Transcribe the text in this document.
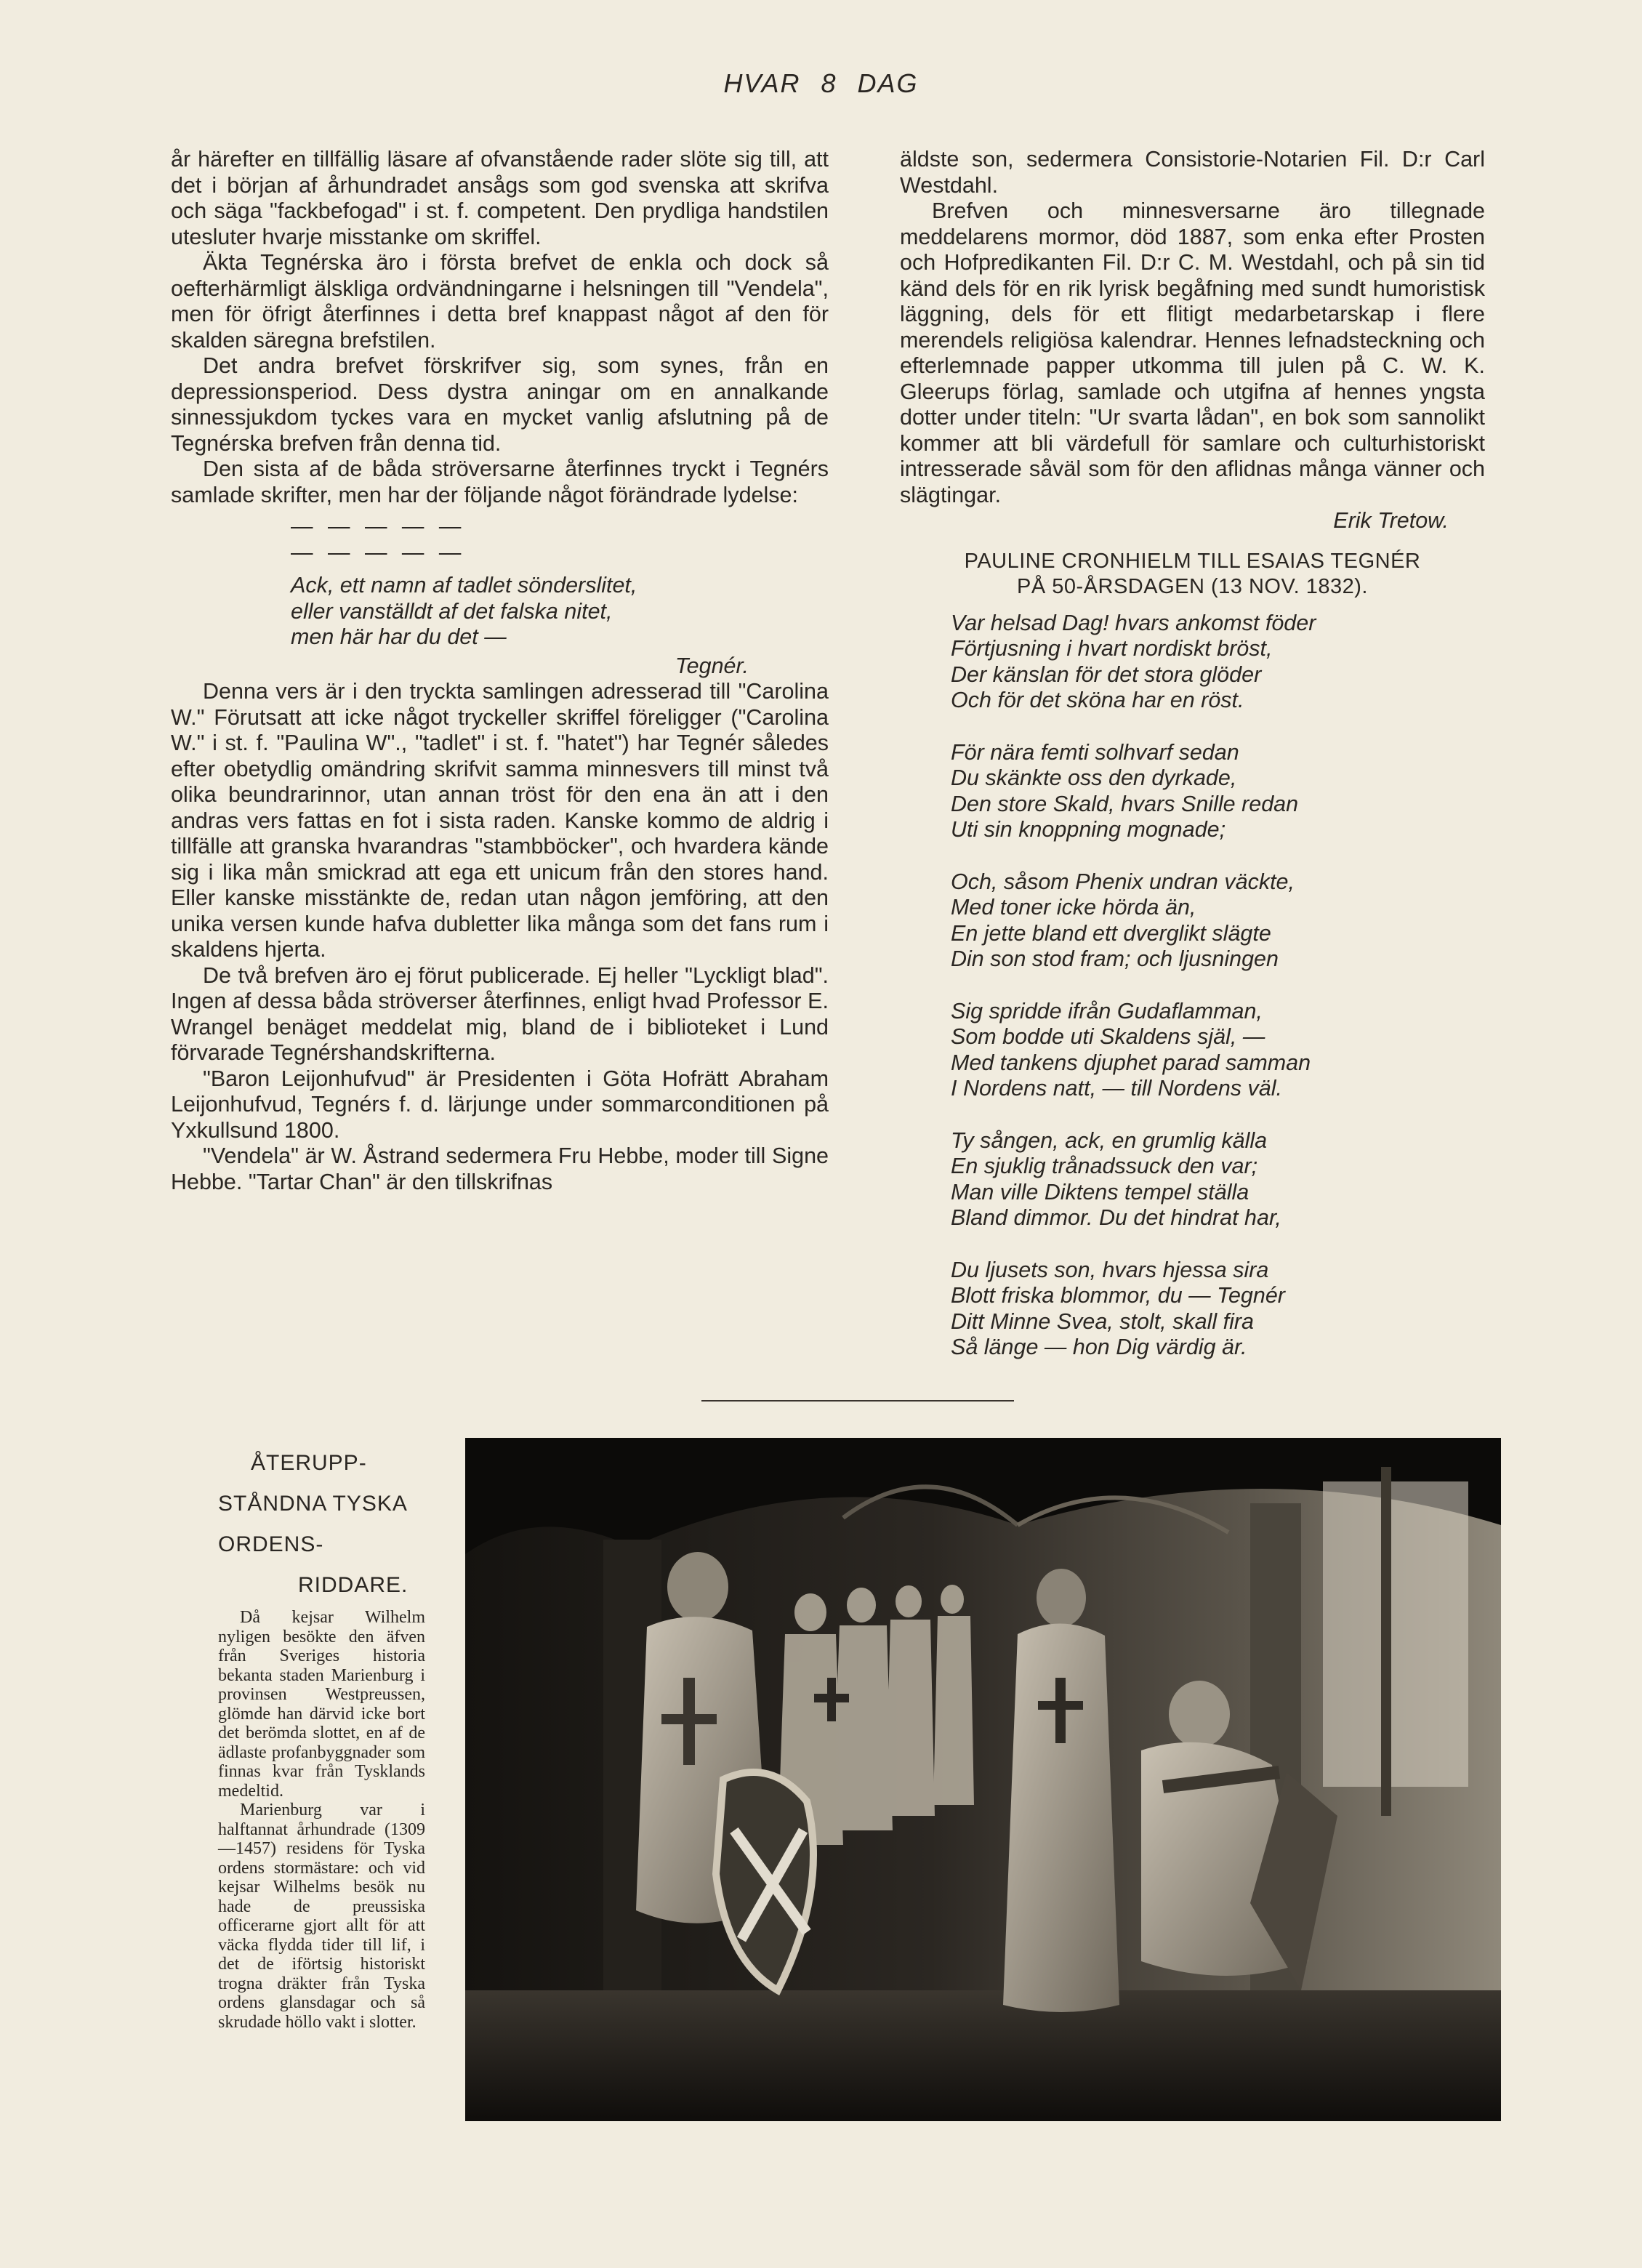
HVAR 8 DAG

år härefter en tillfällig läsare af ofvanstående rader slöte sig till, att det i början af århundradet ansågs som god svenska att skrifva och säga "fackbefogad" i st. f. competent. Den prydliga handstilen utesluter hvarje misstanke om skriffel.

Äkta Tegnérska äro i första brefvet de enkla och dock så oefterhärmligt älskliga ordvändningarne i helsningen till "Vendela", men för öfrigt återfinnes i detta bref knappast något af den för skalden säregna brefstilen.

Det andra brefvet förskrifver sig, som synes, från en depressionsperiod. Dess dystra aningar om en annalkande sinnessjukdom tyckes vara en mycket vanlig afslutning på de Tegnérska brefven från denna tid.

Den sista af de båda ströversarne återfinnes tryckt i Tegnérs samlade skrifter, men har der följande något förändrade lydelse:

— — — — —

— — — — —

Ack, ett namn af tadlet sönderslitet,
eller vanställdt af det falska nitet,
men här har du det —

Tegnér.

Denna vers är i den tryckta samlingen adresserad till "Carolina W." Förutsatt att icke något tryckeller skriffel föreligger ("Carolina W." i st. f. "Paulina W"., "tadlet" i st. f. "hatet") har Tegnér således efter obetydlig omändring skrifvit samma minnesvers till minst två olika beundrarinnor, utan annan tröst för den ena än att i den andras vers fattas en fot i sista raden. Kanske kommo de aldrig i tillfälle att granska hvarandras "stambböcker", och hvardera kände sig i lika mån smickrad att ega ett unicum från den stores hand. Eller kanske misstänkte de, redan utan någon jemföring, att den unika versen kunde hafva dubletter lika många som det fans rum i skaldens hjerta.

De två brefven äro ej förut publicerade. Ej heller "Lyckligt blad". Ingen af dessa båda ströverser återfinnes, enligt hvad Professor E. Wrangel benäget meddelat mig, bland de i biblioteket i Lund förvarade Tegnérshandskrifterna.

"Baron Leijonhufvud" är Presidenten i Göta Hofrätt Abraham Leijonhufvud, Tegnérs f. d. lärjunge under sommarconditionen på Yxkullsund 1800.

"Vendela" är W. Åstrand sedermera Fru Hebbe, moder till Signe Hebbe. "Tartar Chan" är den tillskrifnas

äldste son, sedermera Consistorie-Notarien Fil. D:r Carl Westdahl.

Brefven och minnesversarne äro tillegnade meddelarens mormor, död 1887, som enka efter Prosten och Hofpredikanten Fil. D:r C. M. Westdahl, och på sin tid känd dels för en rik lyrisk begåfning med sundt humoristisk läggning, dels för ett flitigt medarbetarskap i flere merendels religiösa kalendrar. Hennes lefnadsteckning och efterlemnade papper utkomma till julen på C. W. K. Gleerups förlag, samlade och utgifna af hennes yngsta dotter under titeln: "Ur svarta lådan", en bok som sannolikt kommer att bli värdefull för samlare och culturhistoriskt intresserade såväl som för den aflidnas många vänner och slägtingar.

Erik Tretow.

PAULINE CRONHIELM TILL ESAIAS TEGNÉR

PÅ 50-ÅRSDAGEN (13 NOV. 1832).

Var helsad Dag! hvars ankomst föder
Förtjusning i hvart nordiskt bröst,
Der känslan för det stora glöder
Och för det sköna har en röst.
För nära femti solhvarf sedan
Du skänkte oss den dyrkade,
Den store Skald, hvars Snille redan
Uti sin knoppning mognade;
Och, såsom Phenix undran väckte,
Med toner icke hörda än,
En jette bland ett dverglikt slägte
Din son stod fram; och ljusningen
Sig spridde ifrån Gudaflamman,
Som bodde uti Skaldens själ, —
Med tankens djuphet parad samman
I Nordens natt, — till Nordens väl.
Ty sången, ack, en grumlig källa
En sjuklig trånadssuck den var;
Man ville Diktens tempel ställa
Bland dimmor. Du det hindrat har,
Du ljusets son, hvars hjessa sira
Blott friska blommor, du — Tegnér
Ditt Minne Svea, stolt, skall fira
Så länge — hon Dig värdig är.
ÅTERUPP-
STÅNDNA TYSKA
ORDENS-
RIDDARE.

Då kejsar Wilhelm nyligen besökte den äfven från Sveriges historia bekanta staden Marienburg i provinsen Westpreussen, glömde han därvid icke bort det berömda slottet, en af de ädlaste profanbyggnader som finnas kvar från Tysklands medeltid.

Marienburg var i halftannat århundrade (1309—1457) residens för Tyska ordens stormästare: och vid kejsar Wilhelms besök nu hade de preussiska officerarne gjort allt för att väcka flydda tider till lif, i det de iförtsig historiskt trogna dräkter från Tyska ordens glansdagar och så skrudade höllo vakt i slotter.
